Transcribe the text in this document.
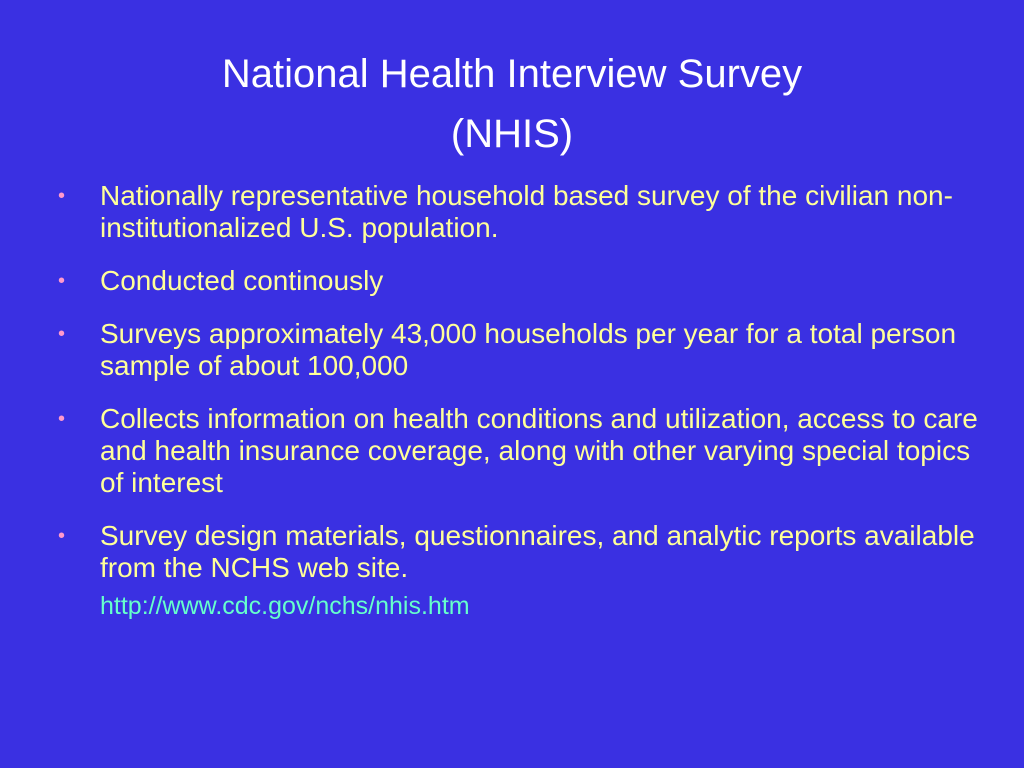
National Health Interview Survey
(NHIS)
• Nationally representative household based survey of the civilian non-institutionalized U.S. population.
• Conducted continously
• Surveys approximately 43,000 households per year for a total person sample of about 100,000
• Collects information on health conditions and utilization, access to care and health insurance coverage, along with other varying special topics of interest
• Survey design materials, questionnaires, and analytic reports available from the NCHS web site.
http://www.cdc.gov/nchs/nhis.htm
